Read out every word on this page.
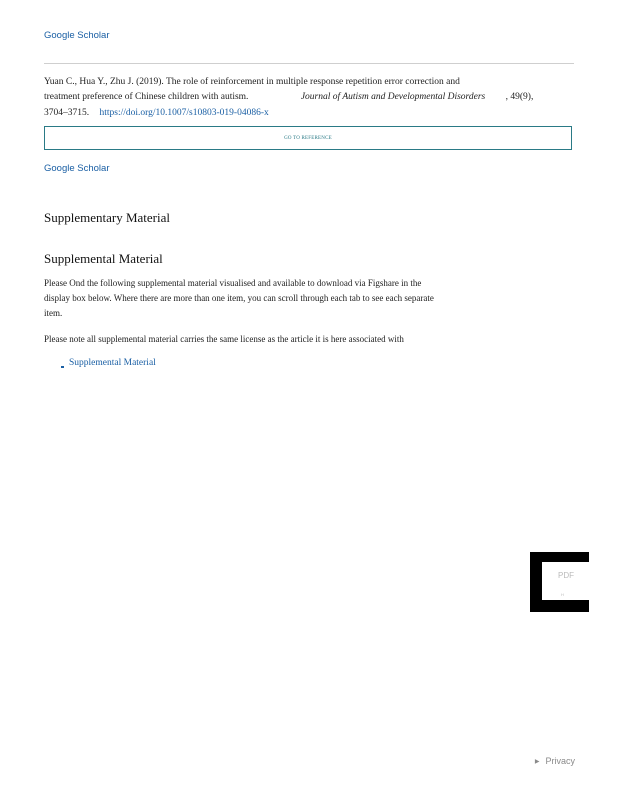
Google Scholar
Yuan C., Hua Y., Zhu J. (2019). The role of reinforcement in multiple response repetition error correction and
treatment preference of Chinese children with autism.	Journal of Autism and Developmental Disorders , 49(9),
3704–3715. https://doi.org/10.1007/s10803-019-04086-x
GO TO REFERENCE
Google Scholar
Supplementary Material
Supplemental Material
Please Ond the following supplemental material visualised and available to download via Figshare in the
display box below. Where there are more than one item, you can scroll through each tab to see each separate
item.
Please note all supplemental material carries the same license as the article it is here associated with
Supplemental Material
PDF
H
▶ Privacy
